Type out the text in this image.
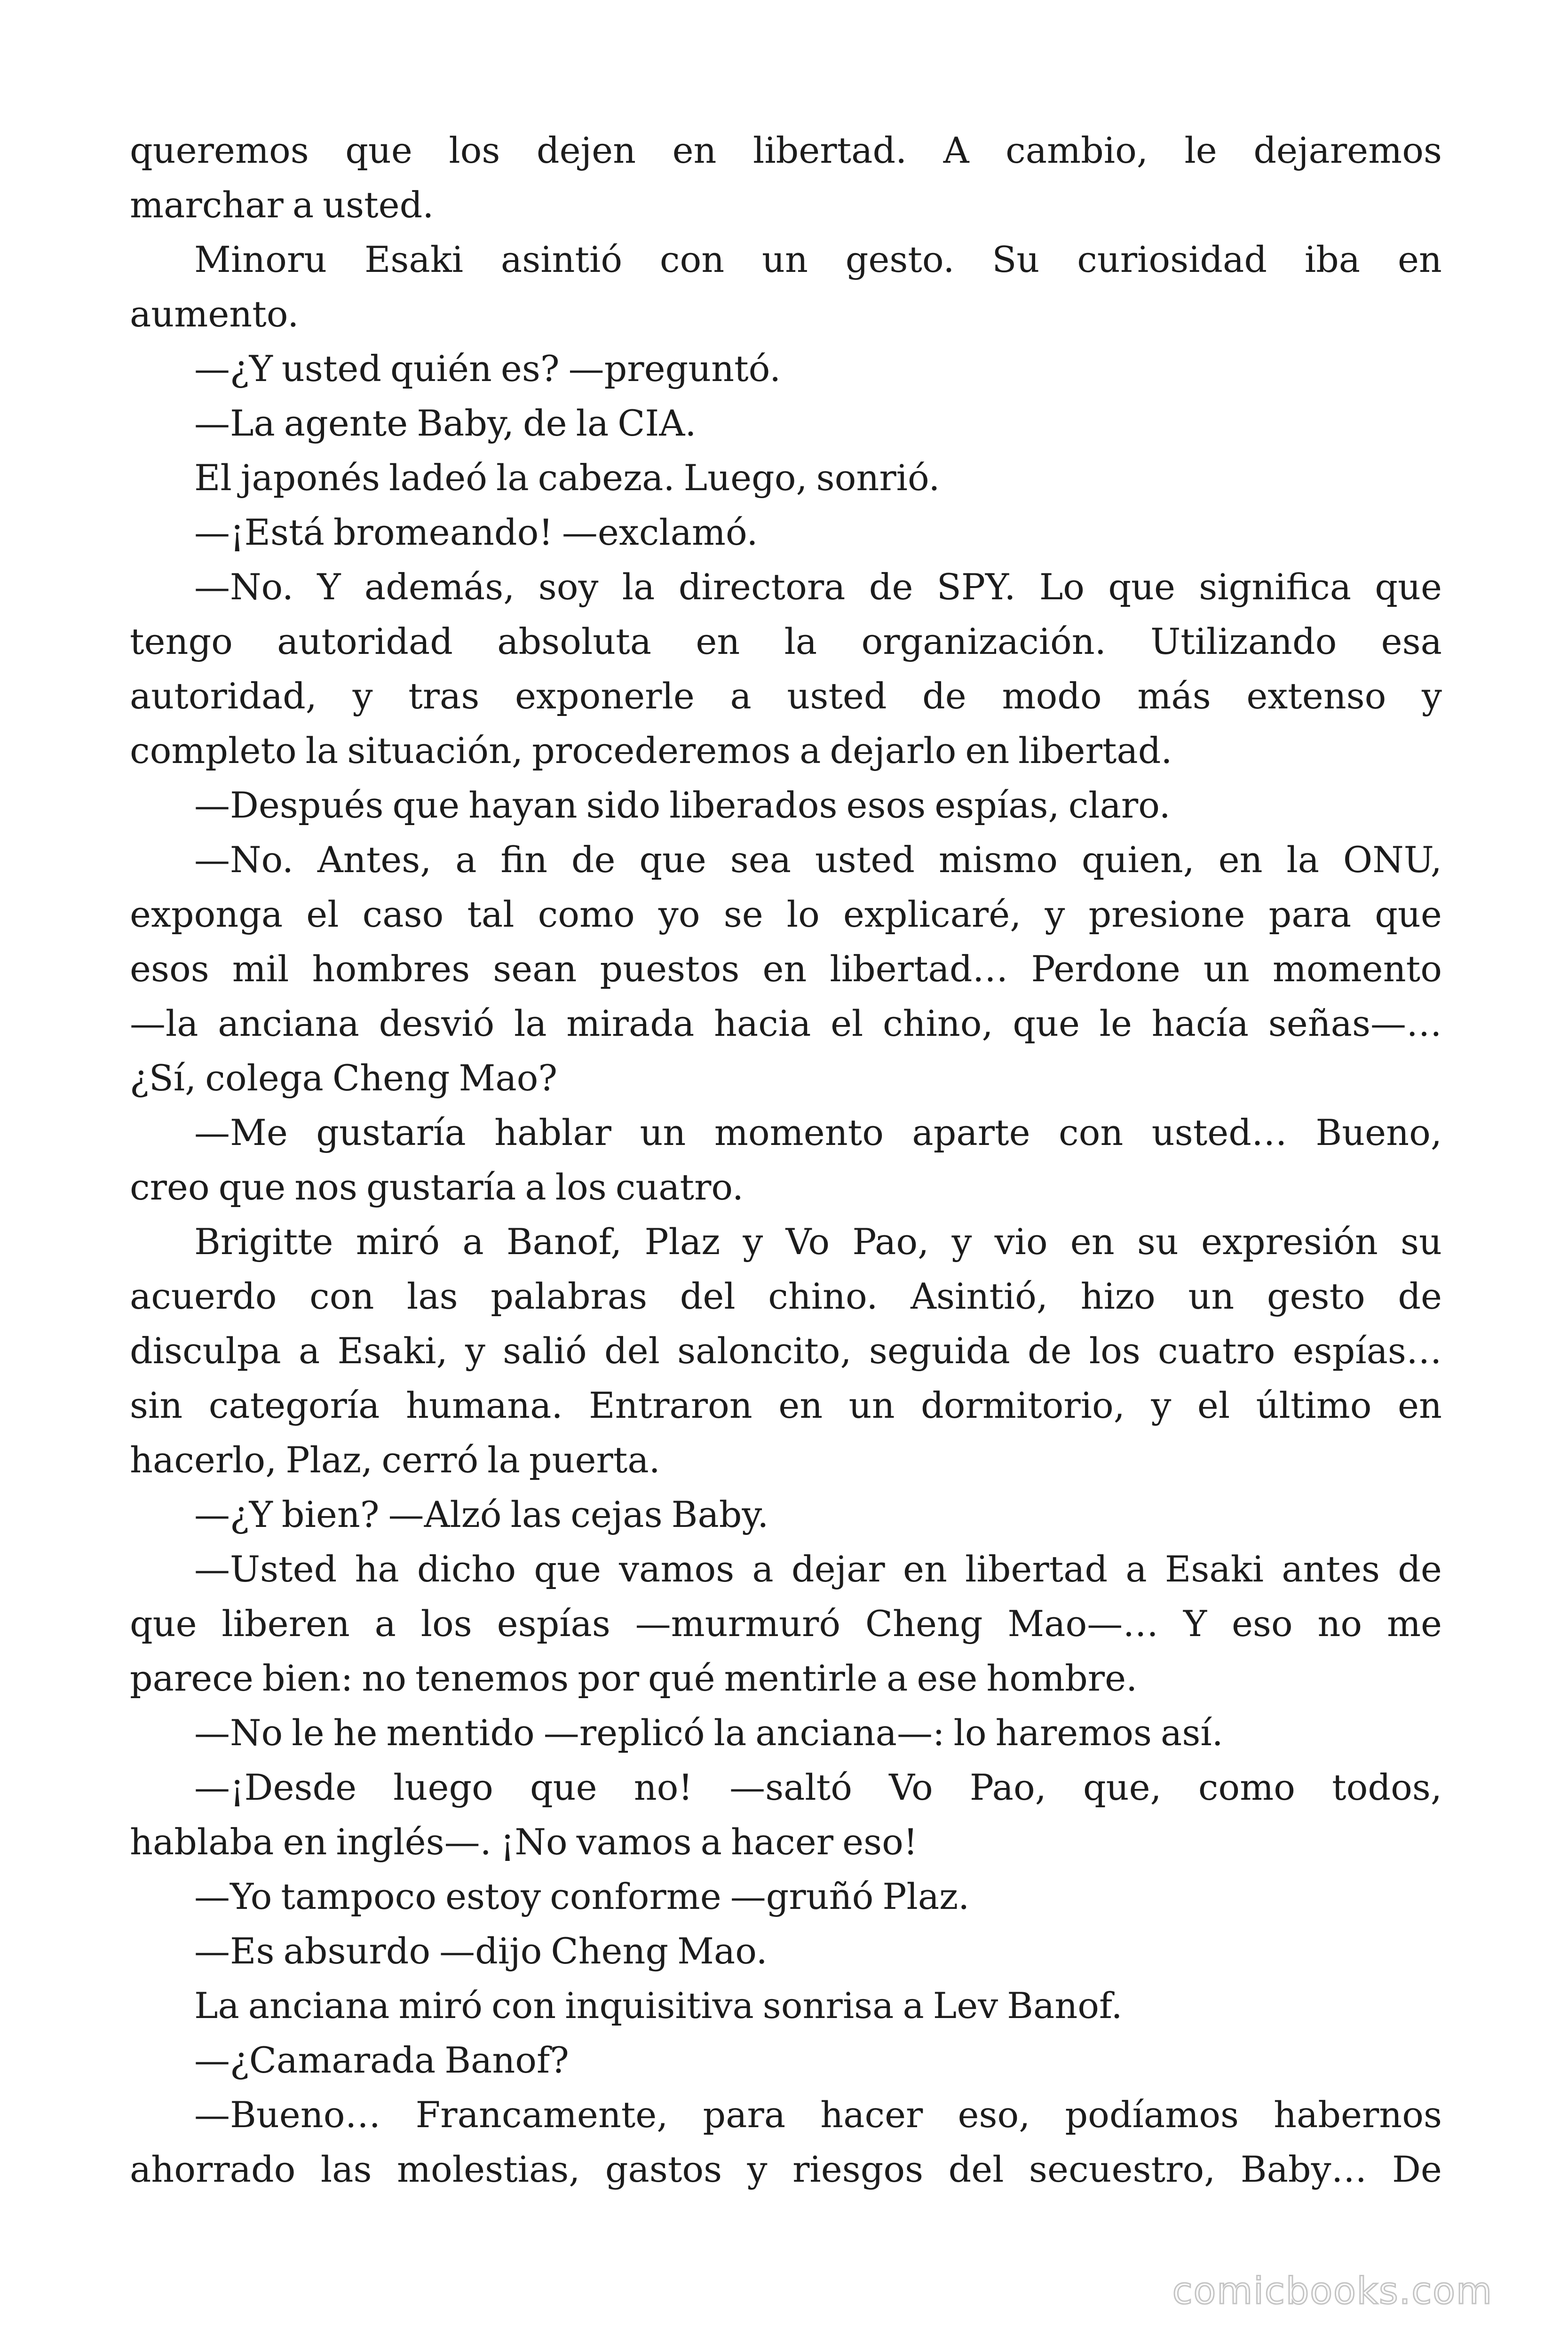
queremos que los dejen en libertad. A cambio, le dejaremos
marchar a usted.
Minoru Esaki asintió con un gesto. Su curiosidad iba en
aumento.
—¿Y usted quién es? —preguntó.
—La agente Baby, de la CIA.
El japonés ladeó la cabeza. Luego, sonrió.
—¡Está bromeando! —exclamó.
—No. Y además, soy la directora de SPY. Lo que significa que
tengo autoridad absoluta en la organización. Utilizando esa
autoridad, y tras exponerle a usted de modo más extenso y
completo la situación, procederemos a dejarlo en libertad.
—Después que hayan sido liberados esos espías, claro.
—No. Antes, a fin de que sea usted mismo quien, en la ONU,
exponga el caso tal como yo se lo explicaré, y presione para que
esos mil hombres sean puestos en libertad… Perdone un momento
—la anciana desvió la mirada hacia el chino, que le hacía señas—…
¿Sí, colega Cheng Mao?
—Me gustaría hablar un momento aparte con usted… Bueno,
creo que nos gustaría a los cuatro.
Brigitte miró a Banof, Plaz y Vo Pao, y vio en su expresión su
acuerdo con las palabras del chino. Asintió, hizo un gesto de
disculpa a Esaki, y salió del saloncito, seguida de los cuatro espías…
sin categoría humana. Entraron en un dormitorio, y el último en
hacerlo, Plaz, cerró la puerta.
—¿Y bien? —Alzó las cejas Baby.
—Usted ha dicho que vamos a dejar en libertad a Esaki antes de
que liberen a los espías —murmuró Cheng Mao—… Y eso no me
parece bien: no tenemos por qué mentirle a ese hombre.
—No le he mentido —replicó la anciana—: lo haremos así.
—¡Desde luego que no! —saltó Vo Pao, que, como todos,
hablaba en inglés—. ¡No vamos a hacer eso!
—Yo tampoco estoy conforme —gruñó Plaz.
—Es absurdo —dijo Cheng Mao.
La anciana miró con inquisitiva sonrisa a Lev Banof.
—¿Camarada Banof?
—Bueno… Francamente, para hacer eso, podíamos habernos
ahorrado las molestias, gastos y riesgos del secuestro, Baby… De
comicbooks.com
